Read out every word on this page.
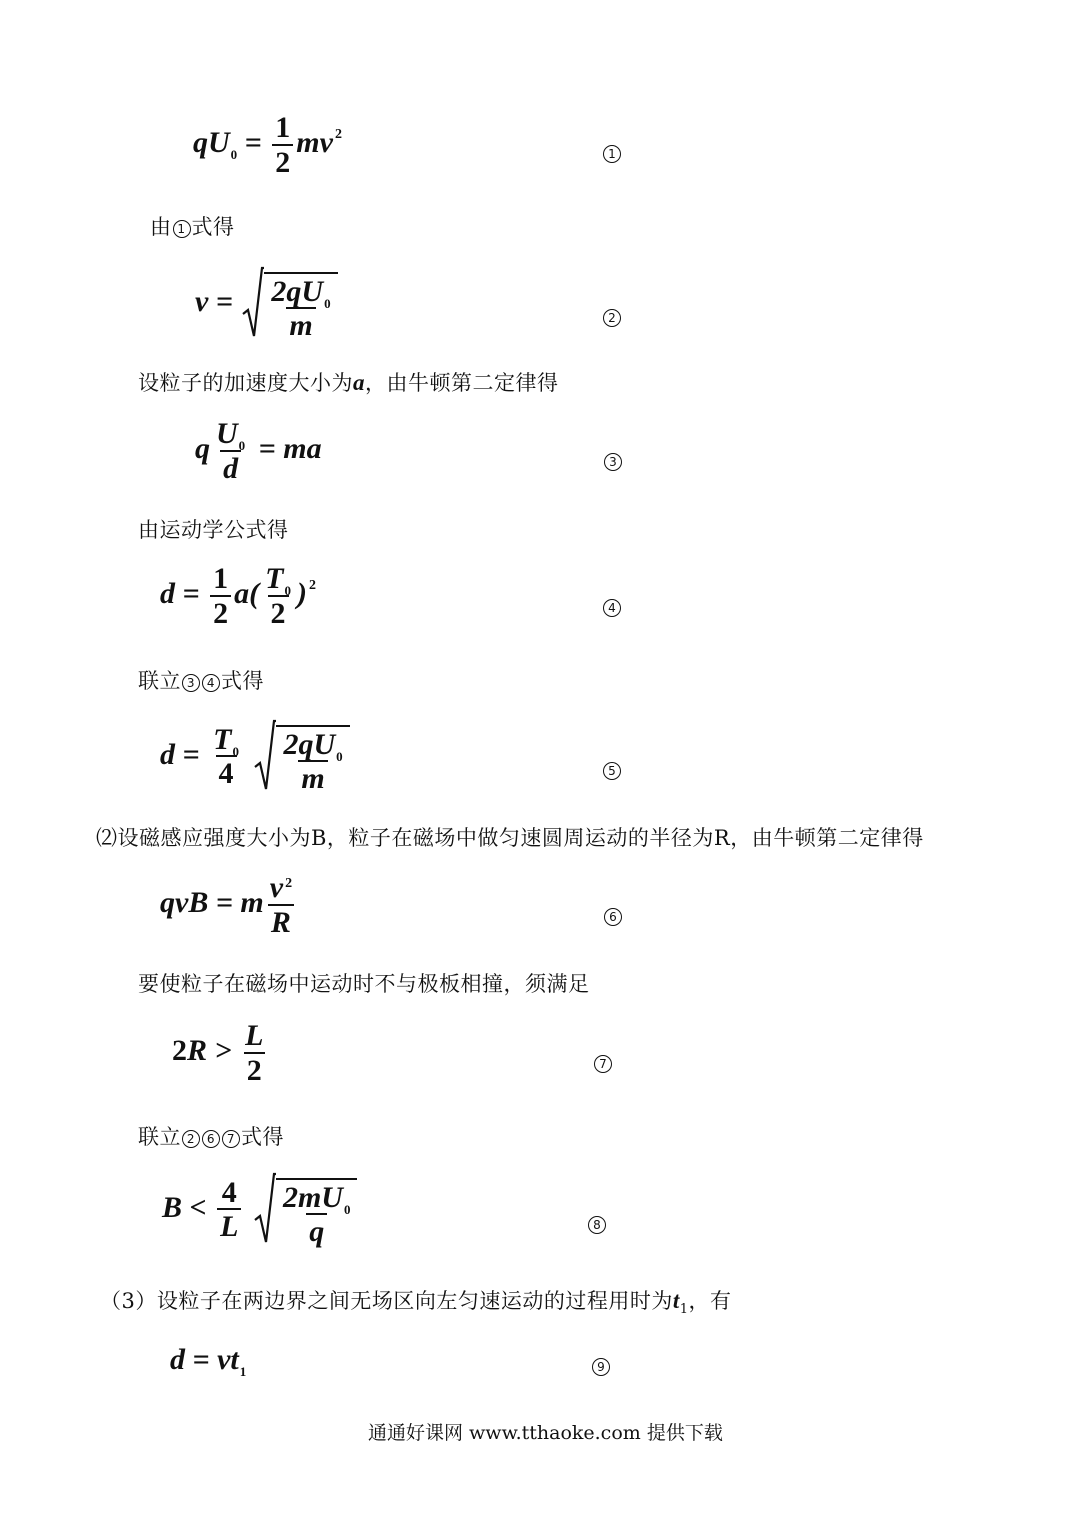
$qU_0 = \frac{1}{2}$ mv $^2$
1
由 1 式得
$v = \frac{2qU_0}{m}$	2
设粒子的加速度大小为a，由牛顿第二定律得
q $\frac{U_0}{d}$ = ma	3
由运动学公式得
$d = \frac{1}{2} a( \frac{T_0}{2}$ ) $^2$
4
联立 3 4 式得
$d = \frac{T_0}{4}$
$\frac{2qU_0}{m}$	5
⑵设磁感应强度大小为B，粒子在磁场中做匀速圆周运动的半径为R，由牛顿第二定律得
qvB = m $\frac{v ^2}{R}$	6
要使粒子在磁场中运动时不与极板相撞，须满足
$2R > \frac{L}{2}$	7
联立 2 6 7 式得
$B < \frac{4}{L}$
$\frac{2mU_0}{q}$	8
（3）设粒子在两边界之间无场区向左匀速运动的过程用时为$t_1$，有
$d = vt_1$	9
通通好课网 www.tthaoke.com 提供下载
